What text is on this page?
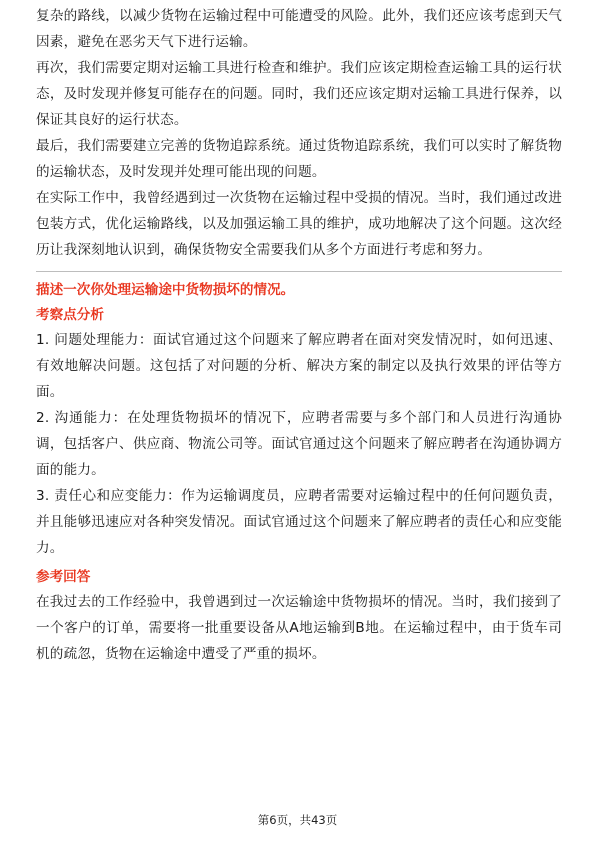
复杂的路线，以减少货物在运输过程中可能遭受的风险。此外，我们还应该考虑到天气因素，避免在恶劣天气下进行运输。

再次，我们需要定期对运输工具进行检查和维护。我们应该定期检查运输工具的运行状态，及时发现并修复可能存在的问题。同时，我们还应该定期对运输工具进行保养，以保证其良好的运行状态。

最后，我们需要建立完善的货物追踪系统。通过货物追踪系统，我们可以实时了解货物的运输状态，及时发现并处理可能出现的问题。

在实际工作中，我曾经遇到过一次货物在运输过程中受损的情况。当时，我们通过改进包装方式，优化运输路线，以及加强运输工具的维护，成功地解决了这个问题。这次经历让我深刻地认识到，确保货物安全需要我们从多个方面进行考虑和努力。

描述一次你处理运输途中货物损坏的情况。

考察点分析

1. 问题处理能力：面试官通过这个问题来了解应聘者在面对突发情况时，如何迅速、有效地解决问题。这包括了对问题的分析、解决方案的制定以及执行效果的评估等方面。

2. 沟通能力：在处理货物损坏的情况下，应聘者需要与多个部门和人员进行沟通协调，包括客户、供应商、物流公司等。面试官通过这个问题来了解应聘者在沟通协调方面的能力。

3. 责任心和应变能力：作为运输调度员，应聘者需要对运输过程中的任何问题负责，并且能够迅速应对各种突发情况。面试官通过这个问题来了解应聘者的责任心和应变能力。

参考回答

在我过去的工作经验中，我曾遇到过一次运输途中货物损坏的情况。当时，我们接到了一个客户的订单，需要将一批重要设备从A地运输到B地。在运输过程中，由于货车司机的疏忽，货物在运输途中遭受了严重的损坏。

第6页，共43页
